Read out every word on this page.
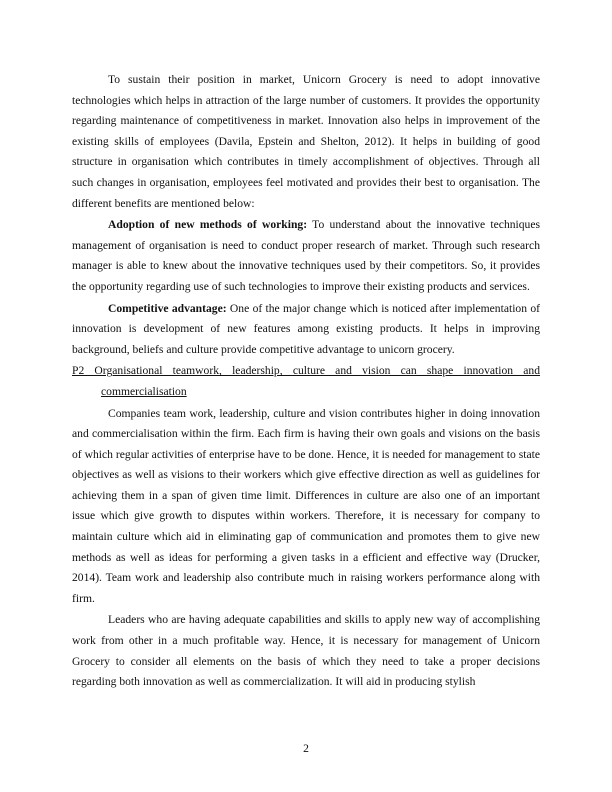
To sustain their position in market, Unicorn Grocery is need to adopt innovative technologies which helps in attraction of the large number of customers. It provides the opportunity regarding maintenance of competitiveness in market. Innovation also helps in improvement of the existing skills of employees (Davila, Epstein and Shelton, 2012). It helps in building of good structure in organisation which contributes in timely accomplishment of objectives. Through all such changes in organisation, employees feel motivated and provides their best to organisation. The different benefits are mentioned below:

Adoption of new methods of working: To understand about the innovative techniques management of organisation is need to conduct proper research of market. Through such research manager is able to knew about the innovative techniques used by their competitors. So, it provides the opportunity regarding use of such technologies to improve their existing products and services.

Competitive advantage: One of the major change which is noticed after implementation of innovation is development of new features among existing products. It helps in improving background, beliefs and culture provide competitive advantage to unicorn grocery.

P2 Organisational teamwork, leadership, culture and vision can shape innovation and commercialisation

Companies team work, leadership, culture and vision contributes higher in doing innovation and commercialisation within the firm. Each firm is having their own goals and visions on the basis of which regular activities of enterprise have to be done. Hence, it is needed for management to state objectives as well as visions to their workers which give effective direction as well as guidelines for achieving them in a span of given time limit. Differences in culture are also one of an important issue which give growth to disputes within workers. Therefore, it is necessary for company to maintain culture which aid in eliminating gap of communication and promotes them to give new methods as well as ideas for performing a given tasks in a efficient and effective way (Drucker, 2014). Team work and leadership also contribute much in raising workers performance along with firm.

Leaders who are having adequate capabilities and skills to apply new way of accomplishing work from other in a much profitable way. Hence, it is necessary for management of Unicorn Grocery to consider all elements on the basis of which they need to take a proper decisions regarding both innovation as well as commercialization. It will aid in producing stylish

2
